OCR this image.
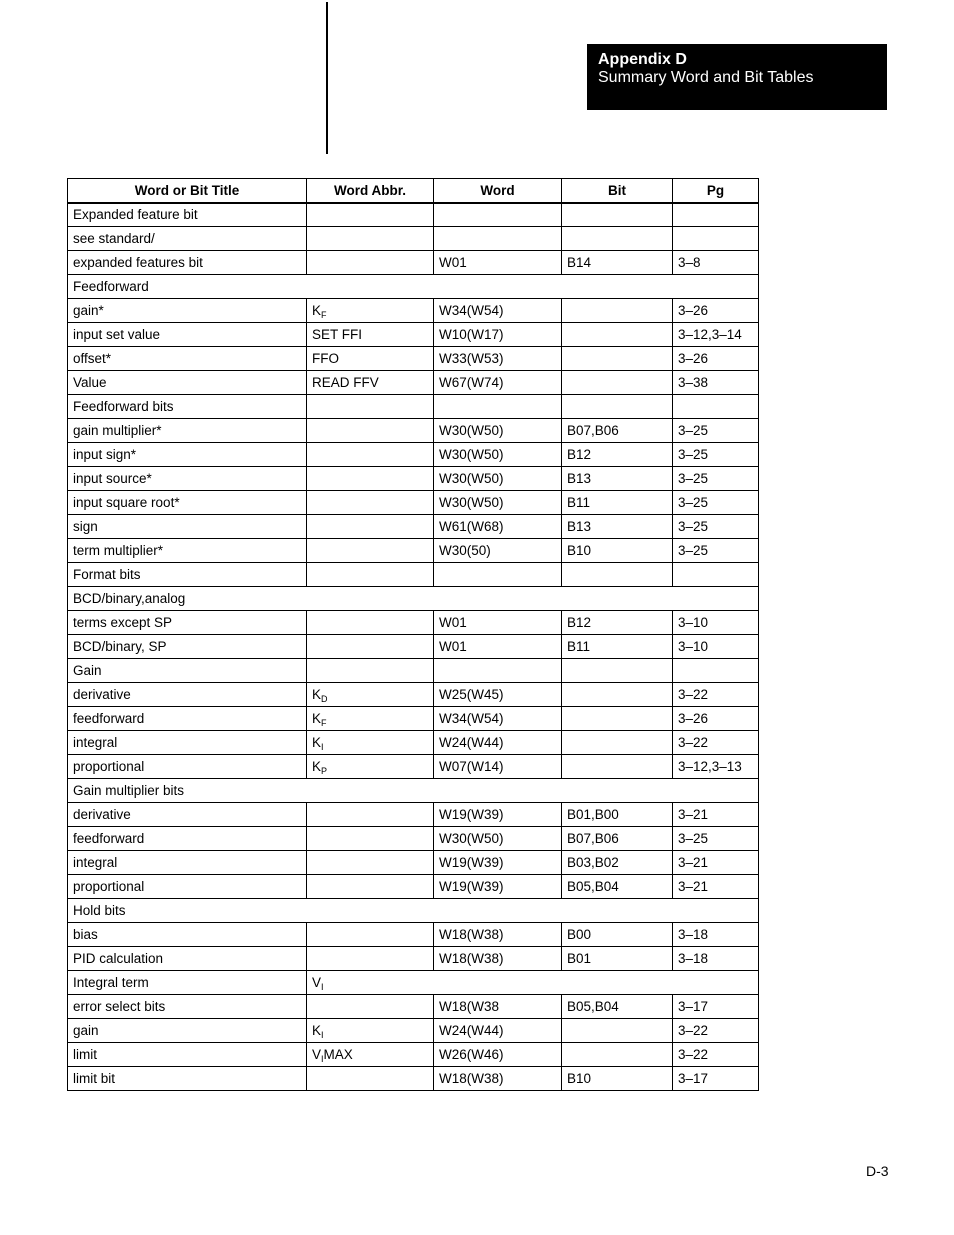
Appendix D
Summary Word and Bit Tables
Word or Bit Title	Word Abbr.	Word	Bit	Pg
Expanded feature bit				
see standard/				
expanded features bit		W01	B14	3–8
Feedforward				
gain*	$K_F$	W34(W54)		3–26
input set value	SET FFI	W10(W17)		3–12,3–14
offset*	FFO	W33(W53)		3–26
Value	READ FFV	W67(W74)		3–38
Feedforward bits				
gain multiplier*		W30(W50)	B07,B06	3–25
input sign*		W30(W50)	B12	3–25
input source*		W30(W50)	B13	3–25
input square root*		W30(W50)	B11	3–25
sign		W61(W68)	B13	3–25
term multiplier*		W30(50)	B10	3–25
Format bits				
BCD/binary,analog				
terms except SP		W01	B12	3–10
BCD/binary, SP		W01	B11	3–10
Gain				
derivative	$K_D$	W25(W45)		3–22
feedforward	$K_F$	W34(W54)		3–26
integral	$K_I$	W24(W44)		3–22
proportional	$K_P$	W07(W14)		3–12,3–13
Gain multiplier bits				
derivative		W19(W39)	B01,B00	3–21
feedforward		W30(W50)	B07,B06	3–25
integral		W19(W39)	B03,B02	3–21
proportional		W19(W39)	B05,B04	3–21
Hold bits				
bias		W18(W38)	B00	3–18
PID calculation		W18(W38)	B01	3–18
Integral term	$V_I$
error select bits		W18(W38	B05,B04	3–17
gain	$K_I$	W24(W44)		3–22
limit	$V_IMAX$	W26(W46)		3–22
limit bit		W18(W38)	B10	3–17
D-3
